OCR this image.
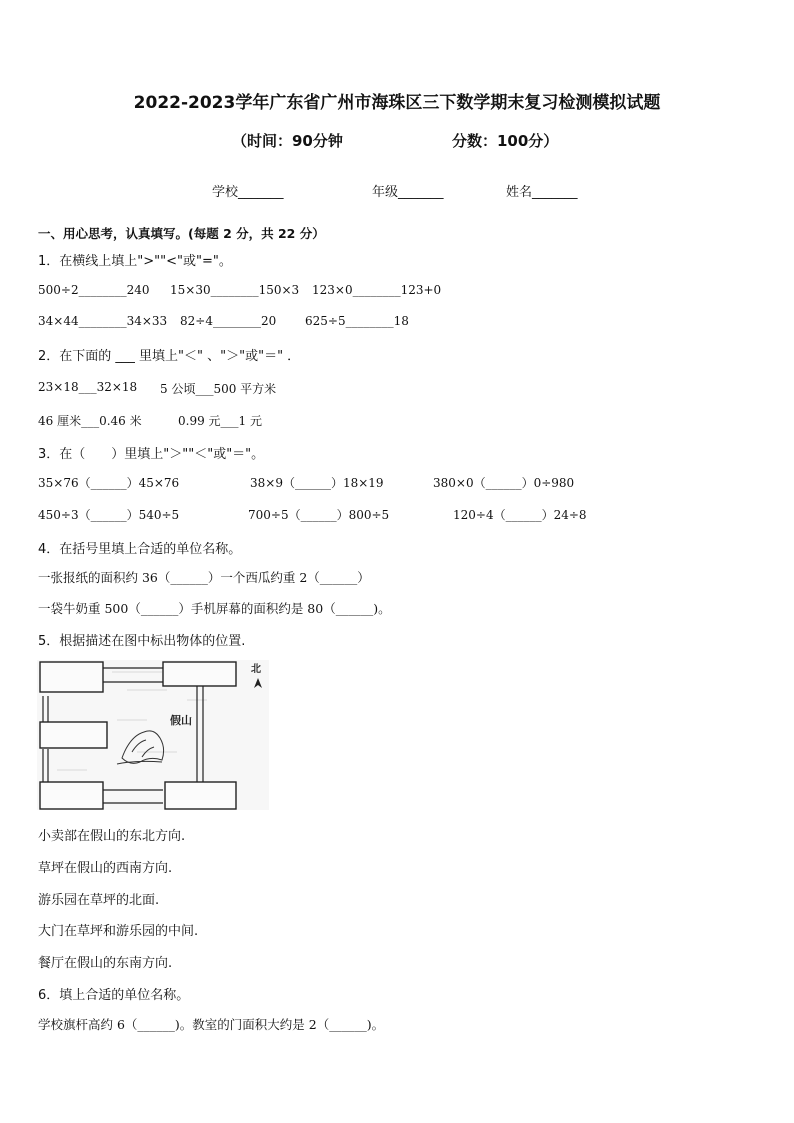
2022-2023学年广东省广州市海珠区三下数学期末复习检测模拟试题
（时间：90分钟	分数：100分）
学校_______	年级_______	姓名_______
一、用心思考，认真填写。(每题 2 分，共 22 分）
1．在横线上填上">""<"或"="。
500÷2________240 15×30________150×3 123×0________123+0
34×44________34×33 82÷4________20 625÷5________18
2．在下面的 ___ 里填上"＜" 、"＞"或"＝" ．
23×18___32×18 5 公顷___500 平方米
46 厘米___0.46 米	0.99 元___1 元
3．在（　　）里填上"＞""＜"或"＝"。
35×76（______）45×76	38×9（______）18×19	380×0（______）0÷980
450÷3（______）540÷5	700÷5（______）800÷5	120÷4（______）24÷8
4．在括号里填上合适的单位名称。
一张报纸的面积约 36（______）一个西瓜约重 2（______）
一袋牛奶重 500（______）手机屏幕的面积约是 80（______)。
5．根据描述在图中标出物体的位置.
假山
北
小卖部在假山的东北方向.
草坪在假山的西南方向.
游乐园在草坪的北面.
大门在草坪和游乐园的中间.
餐厅在假山的东南方向.
6．填上合适的单位名称。
学校旗杆高约 6（______)。教室的门面积大约是 2（______)。
